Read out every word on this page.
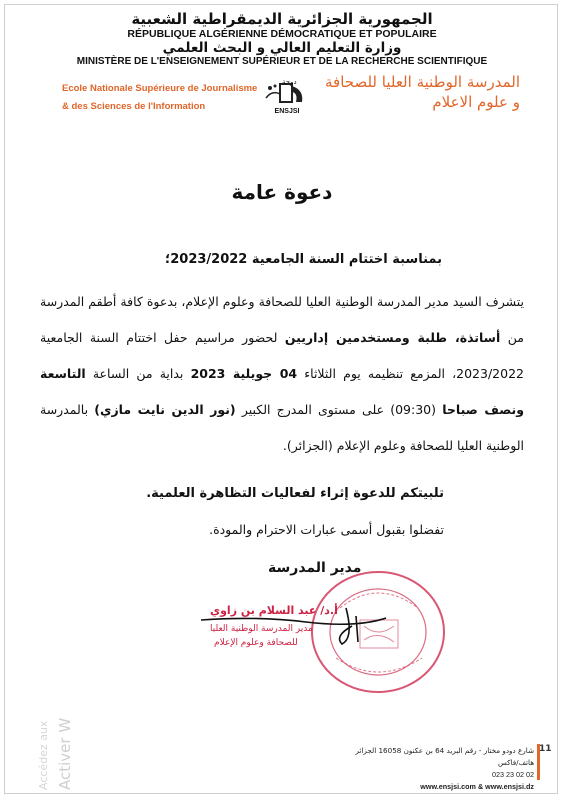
الجمهورية الجزائرية الديمقراطية الشعبية
RÉPUBLIQUE ALGÉRIENNE DÉMOCRATIQUE ET POPULAIRE
وزارة التعليم العالي و البحث العلمي
MINISTÈRE DE L'ENSEIGNEMENT SUPÉRIEUR ET DE LA RECHERCHE SCIENTIFIQUE
Ecole Nationale Supérieure de Journalisme
& des Sciences de l'Information	ENSJSI
دوحة	المدرسة الوطنية العليا للصحافة
و علوم الاعلام
دعوة عامة
بمناسبة اختتام السنة الجامعية 2023/2022؛
يتشرف السيد مدير المدرسة الوطنية العليا للصحافة وعلوم الإعلام، بدعوة كافة أطقم المدرسة من أساتذة، طلبة ومستخدمين إداريين لحضور مراسيم حفل اختتام السنة الجامعية 2023/2022، المزمع تنظيمه يوم الثلاثاء 04 جويلية 2023 بداية من الساعة التاسعة ونصف صباحا (09:30) على مستوى المدرج الكبير (نور الدين نايت مازي) بالمدرسة الوطنية العليا للصحافة وعلوم الإعلام (الجزائر).
تلبيتكم للدعوة إثراء لفعاليات التظاهرة العلمية.
تفضلوا بقبول أسمى عبارات الاحترام والمودة.
مدير المدرسة
أ.د/ عبد السلام بن زاوي
مدير المدرسة الوطنية العليا
للصحافة وعلوم الإعلام
Activer W
Accédez aux	11
شارع دودو مختار - رقم البريد 64 بن عكنون 16058 الجزائر
هاتف/فاكس
023 23 02 02
www.ensjsi.com & www.ensjsi.dz
